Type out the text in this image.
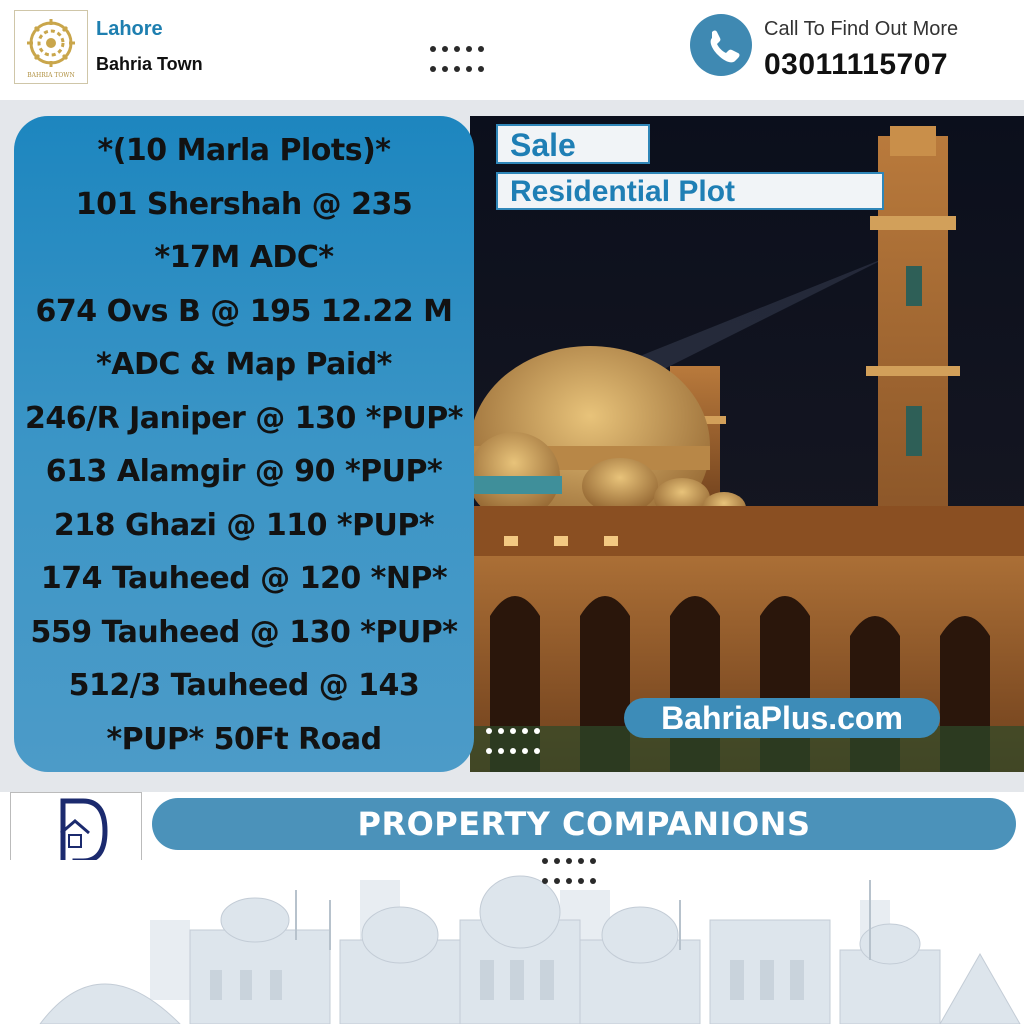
BAHRIA TOWN
Lahore
Bahria Town

Call To Find Out More
03011115707
*(10 Marla Plots)*
101 Shershah @ 235
*17M ADC*
674 Ovs B @ 195 12.22 M
*ADC & Map Paid*
246/R Janiper @ 130 *PUP*
613 Alamgir @ 90 *PUP*
218 Ghazi @ 110 *PUP*
174 Tauheed @ 120 *NP*
559 Tauheed @ 130 *PUP*
512/3 Tauheed @ 143
*PUP* 50Ft Road
Sale
Residential Plot

BahriaPlus.com
PROPERTY COMPANIONS
